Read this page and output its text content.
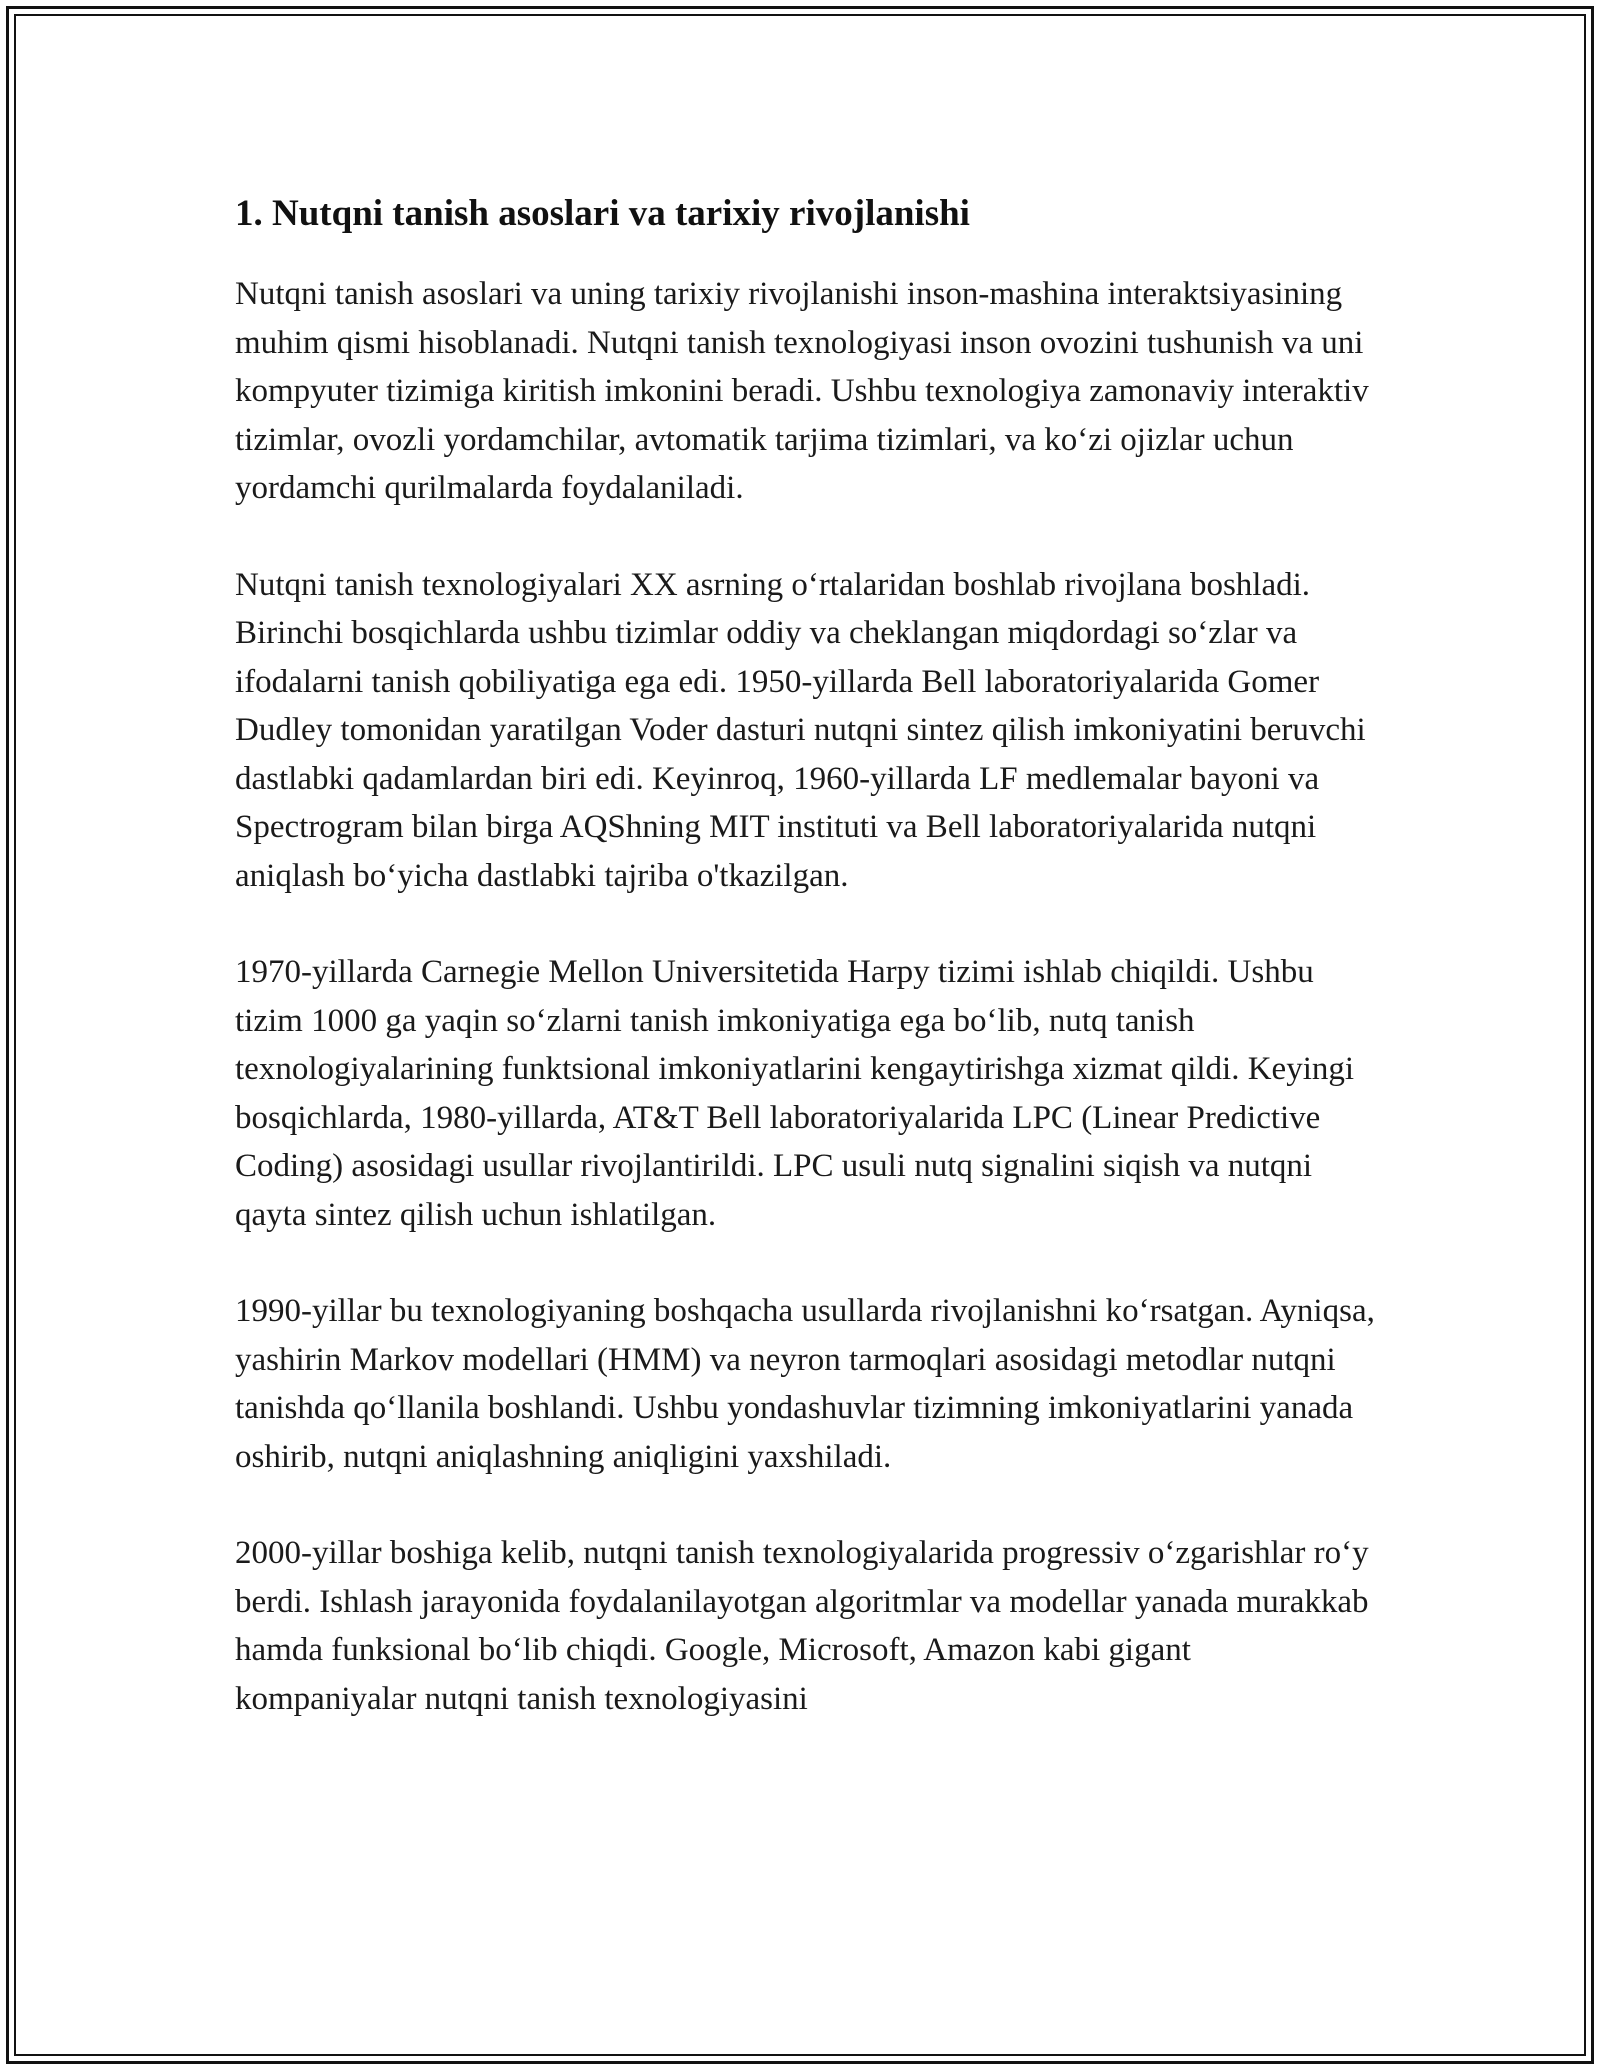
1. Nutqni tanish asoslari va tarixiy rivojlanishi

Nutqni tanish asoslari va uning tarixiy rivojlanishi inson-mashina interaktsiyasining muhim qismi hisoblanadi. Nutqni tanish texnologiyasi inson ovozini tushunish va uni kompyuter tizimiga kiritish imkonini beradi. Ushbu texnologiya zamonaviy interaktiv tizimlar, ovozli yordamchilar, avtomatik tarjima tizimlari, va ko‘zi ojizlar uchun yordamchi qurilmalarda foydalaniladi.

Nutqni tanish texnologiyalari XX asrning o‘rtalaridan boshlab rivojlana boshladi. Birinchi bosqichlarda ushbu tizimlar oddiy va cheklangan miqdordagi so‘zlar va ifodalarni tanish qobiliyatiga ega edi. 1950-yillarda Bell laboratoriyalarida Gomer Dudley tomonidan yaratilgan Voder dasturi nutqni sintez qilish imkoniyatini beruvchi dastlabki qadamlardan biri edi. Keyinroq, 1960-yillarda LF medlemalar bayoni va Spectrogram bilan birga AQShning MIT instituti va Bell laboratoriyalarida nutqni aniqlash bo‘yicha dastlabki tajriba o'tkazilgan.

1970-yillarda Carnegie Mellon Universitetida Harpy tizimi ishlab chiqildi. Ushbu tizim 1000 ga yaqin so‘zlarni tanish imkoniyatiga ega bo‘lib, nutq tanish texnologiyalarining funktsional imkoniyatlarini kengaytirishga xizmat qildi. Keyingi bosqichlarda, 1980-yillarda, AT&T Bell laboratoriyalarida LPC (Linear Predictive Coding) asosidagi usullar rivojlantirildi. LPC usuli nutq signalini siqish va nutqni qayta sintez qilish uchun ishlatilgan.

1990-yillar bu texnologiyaning boshqacha usullarda rivojlanishni ko‘rsatgan. Ayniqsa, yashirin Markov modellari (HMM) va neyron tarmoqlari asosidagi metodlar nutqni tanishda qo‘llanila boshlandi. Ushbu yondashuvlar tizimning imkoniyatlarini yanada oshirib, nutqni aniqlashning aniqligini yaxshiladi.

2000-yillar boshiga kelib, nutqni tanish texnologiyalarida progressiv o‘zgarishlar ro‘y berdi. Ishlash jarayonida foydalanilayotgan algoritmlar va modellar yanada murakkab hamda funksional bo‘lib chiqdi. Google, Microsoft, Amazon kabi gigant kompaniyalar nutqni tanish texnologiyasini
